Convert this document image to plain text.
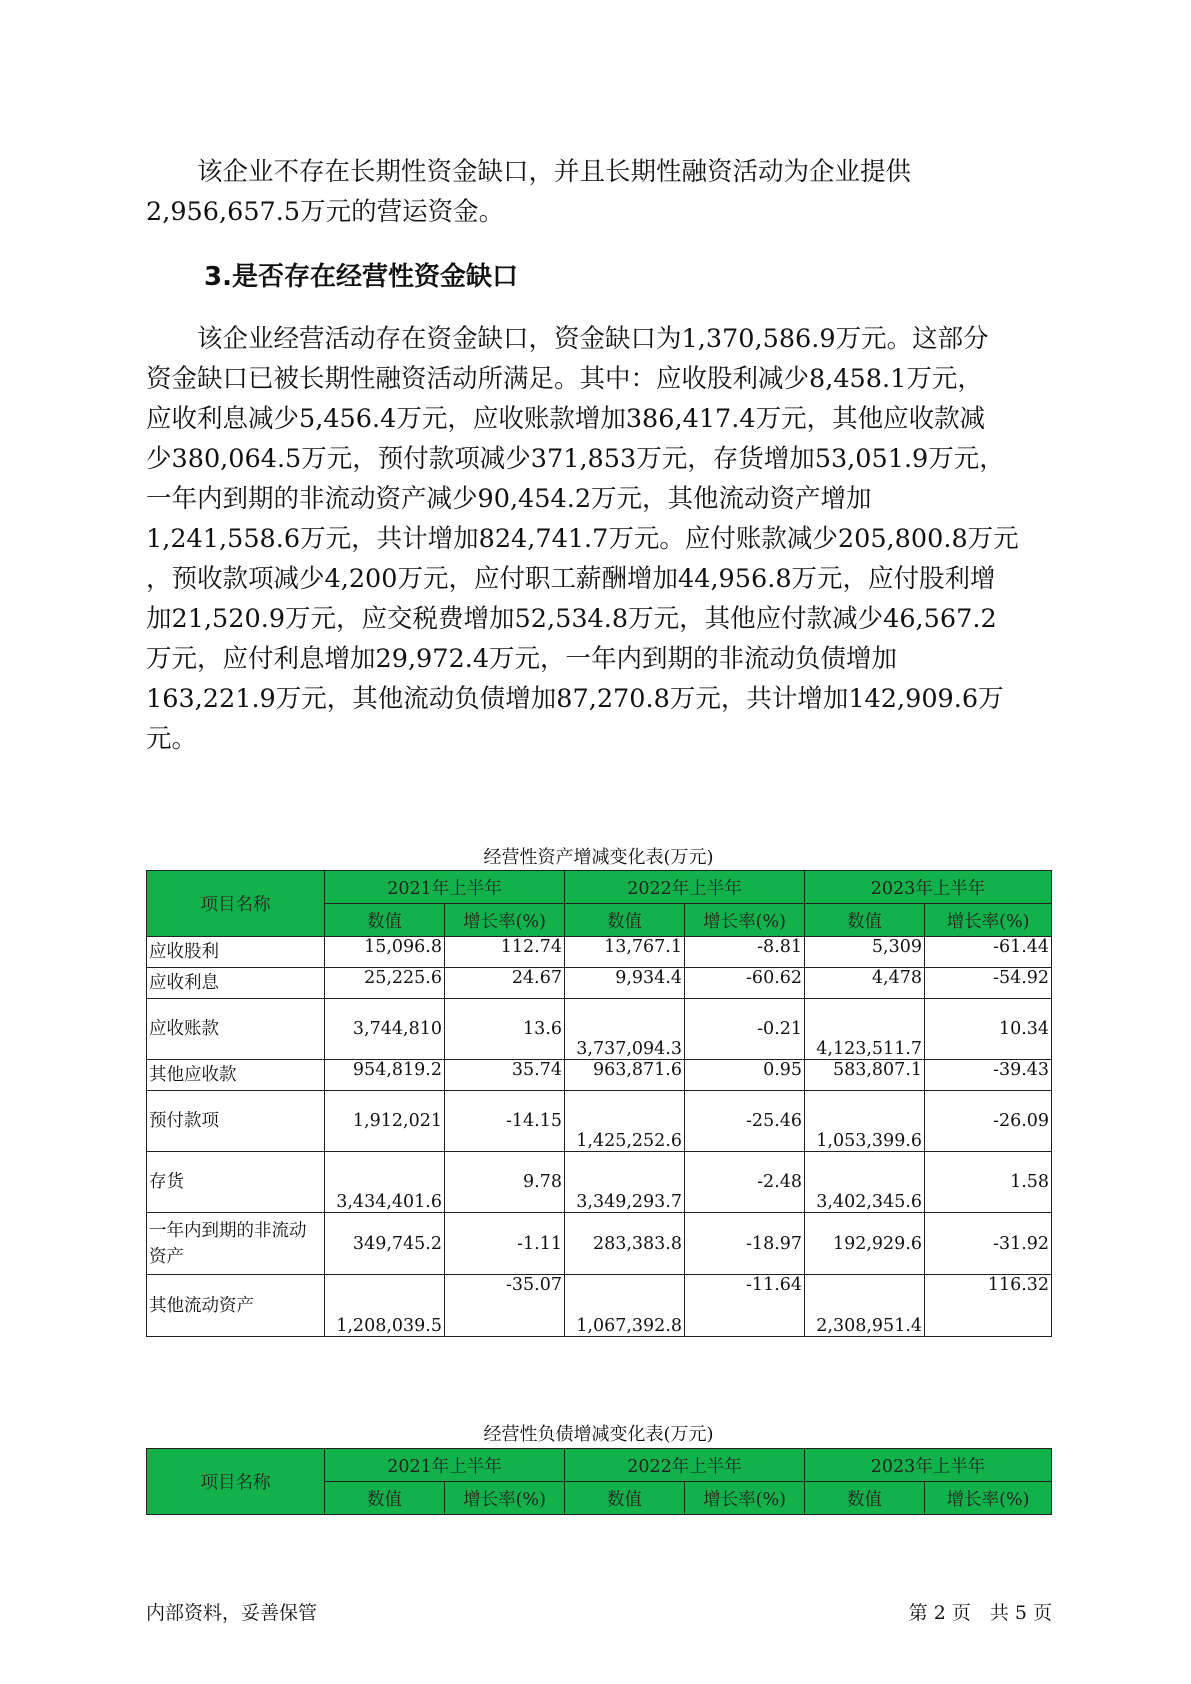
　　该企业不存在长期性资金缺口，并且长期性融资活动为企业提供
2,956,657.5万元的营运资金。
3.是否存在经营性资金缺口
　　该企业经营活动存在资金缺口，资金缺口为1,370,586.9万元。这部分
资金缺口已被长期性融资活动所满足。其中：应收股利减少8,458.1万元，
应收利息减少5,456.4万元，应收账款增加386,417.4万元，其他应收款减
少380,064.5万元，预付款项减少371,853万元，存货增加53,051.9万元，
一年内到期的非流动资产减少90,454.2万元，其他流动资产增加
1,241,558.6万元，共计增加824,741.7万元。应付账款减少205,800.8万元
，预收款项减少4,200万元，应付职工薪酬增加44,956.8万元，应付股利增
加21,520.9万元，应交税费增加52,534.8万元，其他应付款减少46,567.2
万元，应付利息增加29,972.4万元，一年内到期的非流动负债增加
163,221.9万元，其他流动负债增加87,270.8万元，共计增加142,909.6万
元。
经营性资产增减变化表(万元)
项目名称	2021年上半年		2022年上半年		2023年上半年	
	数值	增长率(%)	数值	增长率(%)	数值	增长率(%)
应收股利	15,096.8	112.74	13,767.1	-8.81	5,309	-61.44
应收利息	25,225.6	24.67	9,934.4	-60.62	4,478	-54.92
应收账款	3,744,810	13.6	3,737,094.3	-0.21	4,123,511.7	10.34
其他应收款	954,819.2	35.74	963,871.6	0.95	583,807.1	-39.43
预付款项	1,912,021	-14.15	1,425,252.6	-25.46	1,053,399.6	-26.09
存货	3,434,401.6	9.78	3,349,293.7	-2.48	3,402,345.6	1.58
一年内到期的非流动资产	349,745.2	-1.11	283,383.8	-18.97	192,929.6	-31.92
其他流动资产	1,208,039.5	-35.07	1,067,392.8	-11.64	2,308,951.4	116.32
经营性负债增减变化表(万元)
项目名称	2021年上半年		2022年上半年		2023年上半年	
	数值	增长率(%)	数值	增长率(%)	数值	增长率(%)
内部资料，妥善保管	第 2 页　共 5 页
